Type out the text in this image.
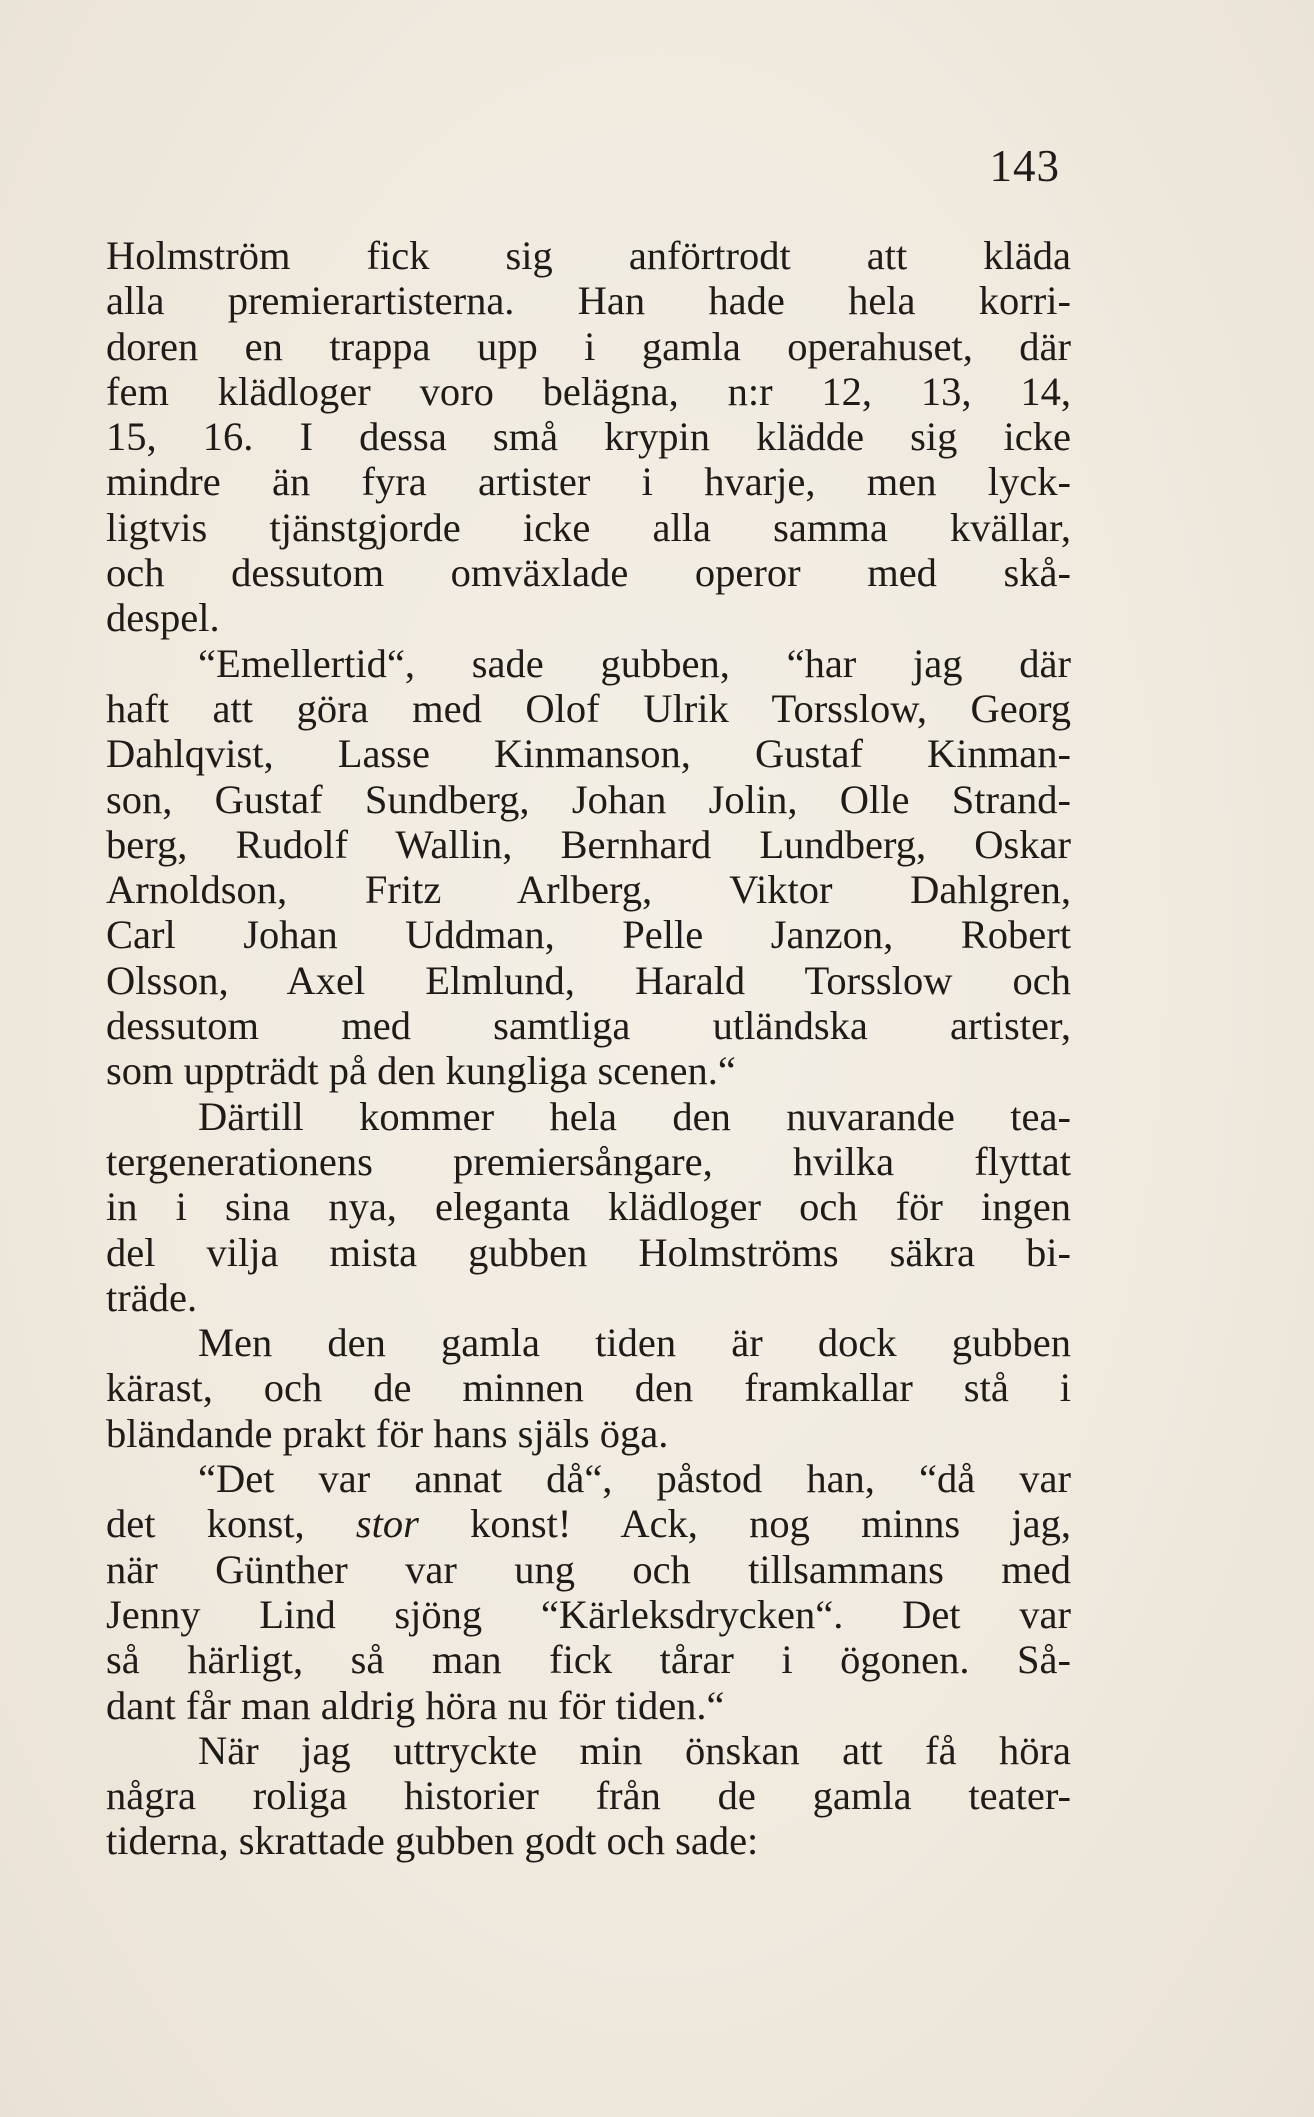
143
Holmström fick sig anförtrodt att kläda
alla premierartisterna. Han hade hela korri-
doren en trappa upp i gamla operahuset, där
fem klädloger voro belägna, n:r 12, 13, 14,
15, 16. I dessa små krypin klädde sig icke
mindre än fyra artister i hvarje, men lyck-
ligtvis tjänstgjorde icke alla samma kvällar,
och dessutom omväxlade operor med skå-
despel.
“Emellertid“, sade gubben, “har jag där
haft att göra med Olof Ulrik Torsslow, Georg
Dahlqvist, Lasse Kinmanson, Gustaf Kinman-
son, Gustaf Sundberg, Johan Jolin, Olle Strand-
berg, Rudolf Wallin, Bernhard Lundberg, Oskar
Arnoldson, Fritz Arlberg, Viktor Dahlgren,
Carl Johan Uddman, Pelle Janzon, Robert
Olsson, Axel Elmlund, Harald Torsslow och
dessutom med samtliga utländska artister,
som uppträdt på den kungliga scenen.“
Därtill kommer hela den nuvarande tea-
tergenerationens premiersångare, hvilka flyttat
in i sina nya, eleganta klädloger och för ingen
del vilja mista gubben Holmströms säkra bi-
träde.
Men den gamla tiden är dock gubben
kärast, och de minnen den framkallar stå i
bländande prakt för hans själs öga.
“Det var annat då“, påstod han, “då var
det konst, stor konst! Ack, nog minns jag,
när Günther var ung och tillsammans med
Jenny Lind sjöng “Kärleksdrycken“. Det var
så härligt, så man fick tårar i ögonen. Så-
dant får man aldrig höra nu för tiden.“
När jag uttryckte min önskan att få höra
några roliga historier från de gamla teater-
tiderna, skrattade gubben godt och sade:
